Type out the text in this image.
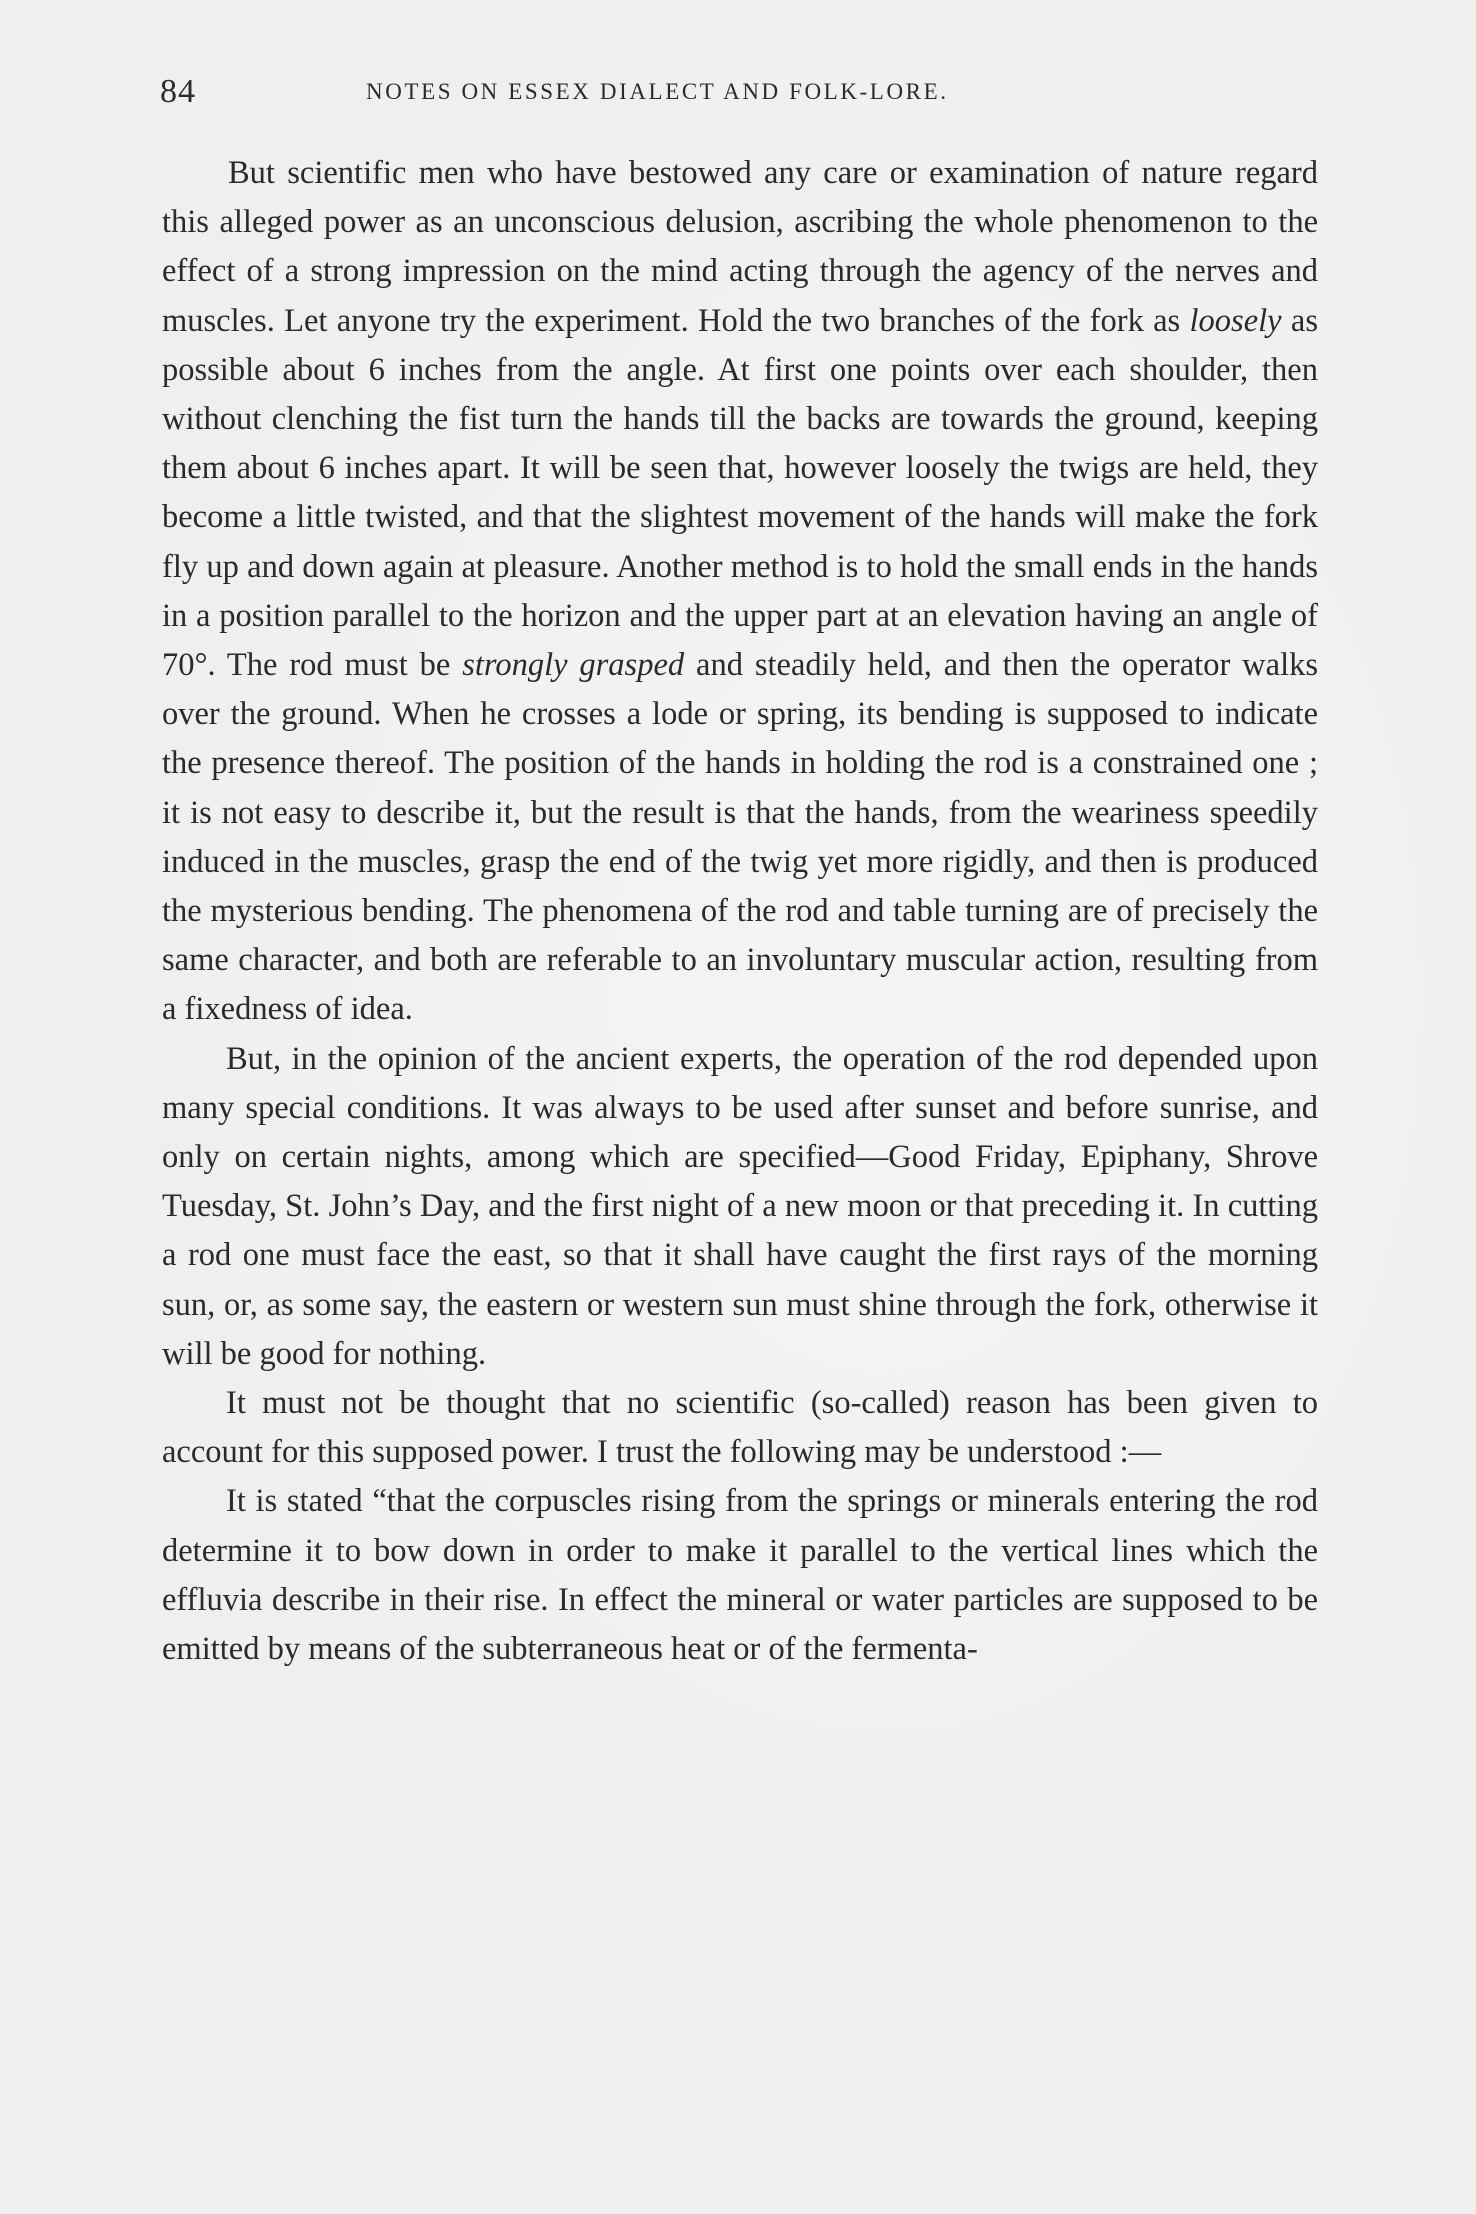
84	NOTES ON ESSEX DIALECT AND FOLK-LORE.

But scientific men who have bestowed any care or examination of nature regard this alleged power as an unconscious delusion, ascribing the whole phenomenon to the effect of a strong impression on the mind acting through the agency of the nerves and muscles. Let anyone try the experiment. Hold the two branches of the fork as loosely as possible about 6 inches from the angle. At first one points over each shoulder, then without clenching the fist turn the hands till the backs are towards the ground, keeping them about 6 inches apart. It will be seen that, however loosely the twigs are held, they become a little twisted, and that the slightest movement of the hands will make the fork fly up and down again at pleasure. Another method is to hold the small ends in the hands in a position parallel to the horizon and the upper part at an elevation having an angle of 70°. The rod must be strongly grasped and steadily held, and then the operator walks over the ground. When he crosses a lode or spring, its bending is supposed to indicate the presence thereof. The position of the hands in holding the rod is a constrained one ; it is not easy to describe it, but the result is that the hands, from the weariness speedily induced in the muscles, grasp the end of the twig yet more rigidly, and then is produced the mysterious bending. The phenomena of the rod and table turning are of precisely the same character, and both are referable to an involuntary muscular action, resulting from a fixedness of idea.

But, in the opinion of the ancient experts, the operation of the rod depended upon many special conditions. It was always to be used after sunset and before sunrise, and only on certain nights, among which are specified—Good Friday, Epiphany, Shrove Tuesday, St. John’s Day, and the first night of a new moon or that preceding it. In cutting a rod one must face the east, so that it shall have caught the first rays of the morning sun, or, as some say, the eastern or western sun must shine through the fork, otherwise it will be good for nothing.

It must not be thought that no scientific (so-called) reason has been given to account for this supposed power. I trust the following may be understood :—

It is stated “that the corpuscles rising from the springs or minerals entering the rod determine it to bow down in order to make it parallel to the vertical lines which the effluvia describe in their rise. In effect the mineral or water particles are supposed to be emitted by means of the subterraneous heat or of the fermenta-
